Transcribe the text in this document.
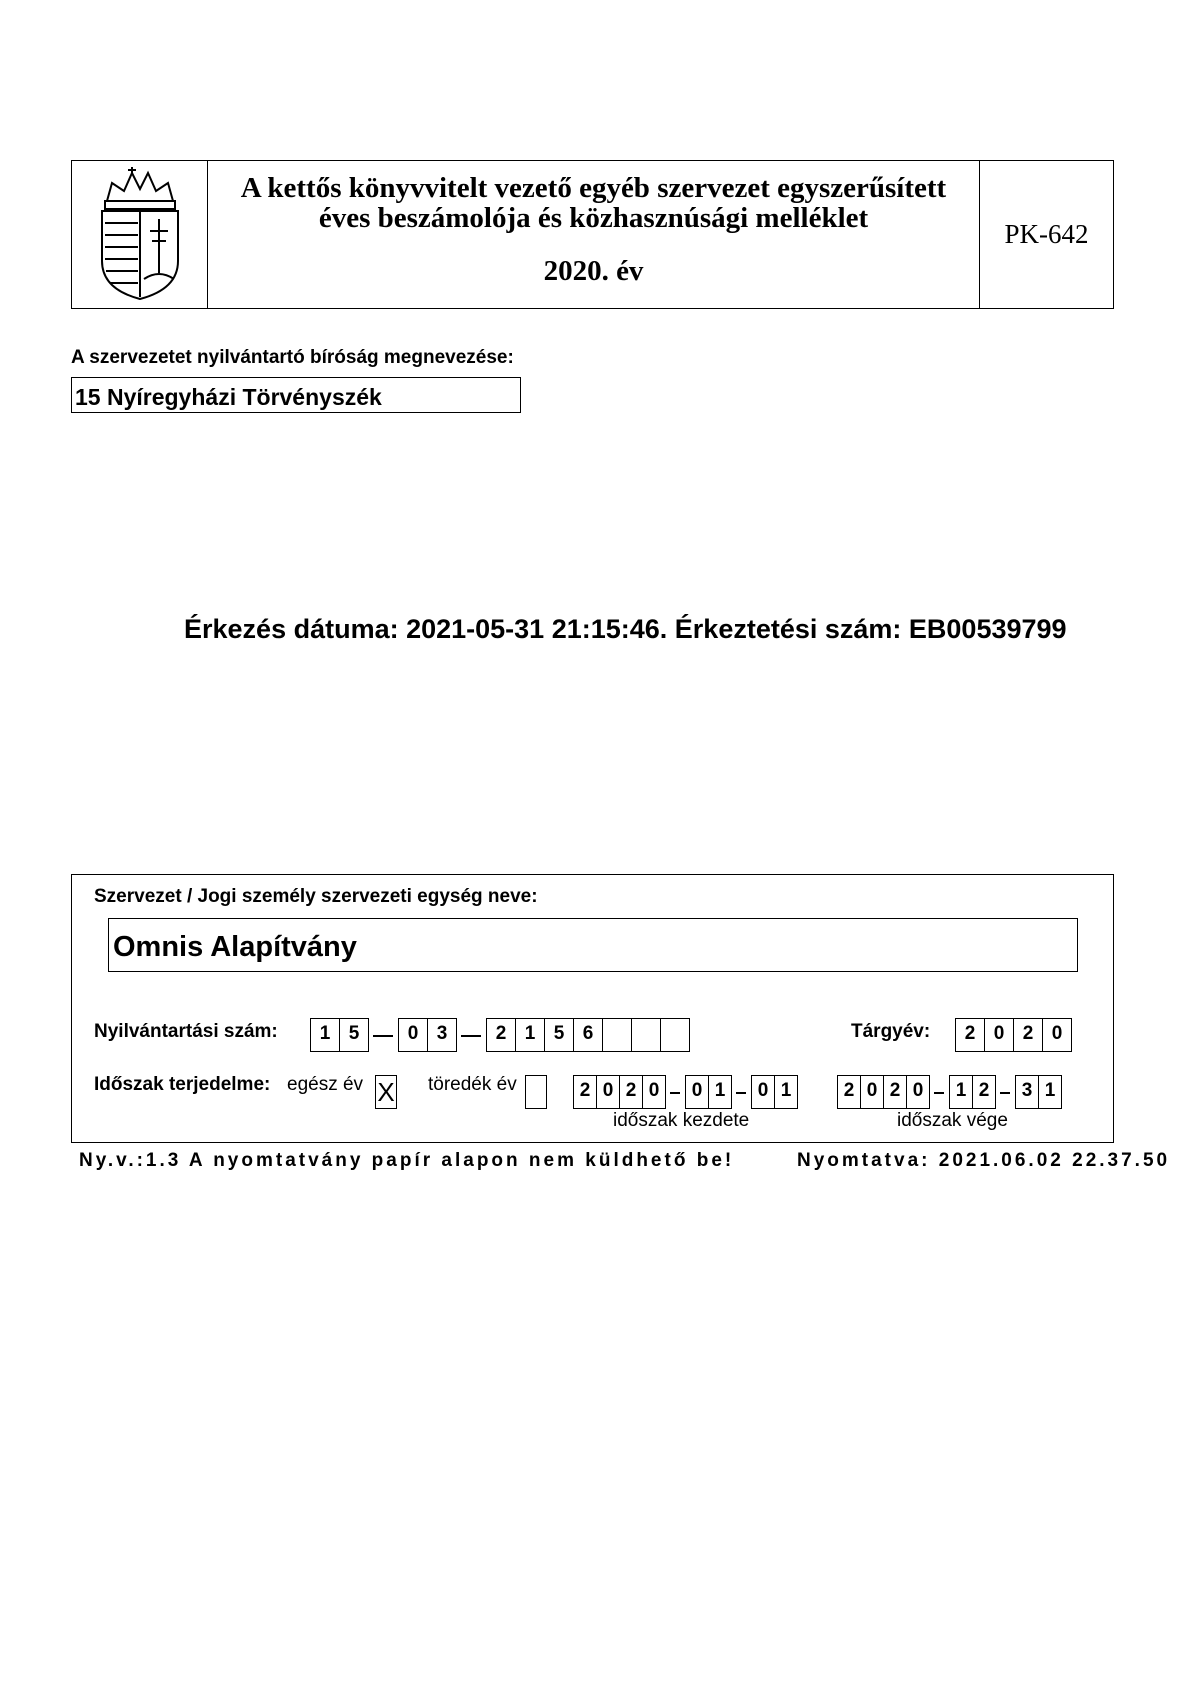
A kettős könyvvitelt vezető egyéb szervezet egyszerűsített
éves beszámolója és közhasznúsági melléklet
2020. év
PK-642
A szervezetet nyilvántartó bíróság megnevezése:
15 Nyíregyházi Törvényszék
Érkezés dátuma: 2021-05-31 21:15:46. Érkeztetési szám: EB00539799
Szervezet / Jogi személy szervezeti egység neve:
Omnis Alapítvány
Nyilvántartási szám:	1 5	0 3	2 1 5 6	Tárgyév:	2 0 2 0
Időszak terjedelme: egész év X töredék év	2 0 2 0	0 1	0 1	2 0 2 0	1 2	3 1
időszak kezdete	időszak vége
Ny.v.:1.3 A nyomtatvány papír alapon nem küldhető be!	Nyomtatva: 2021.06.02 22.37.50
